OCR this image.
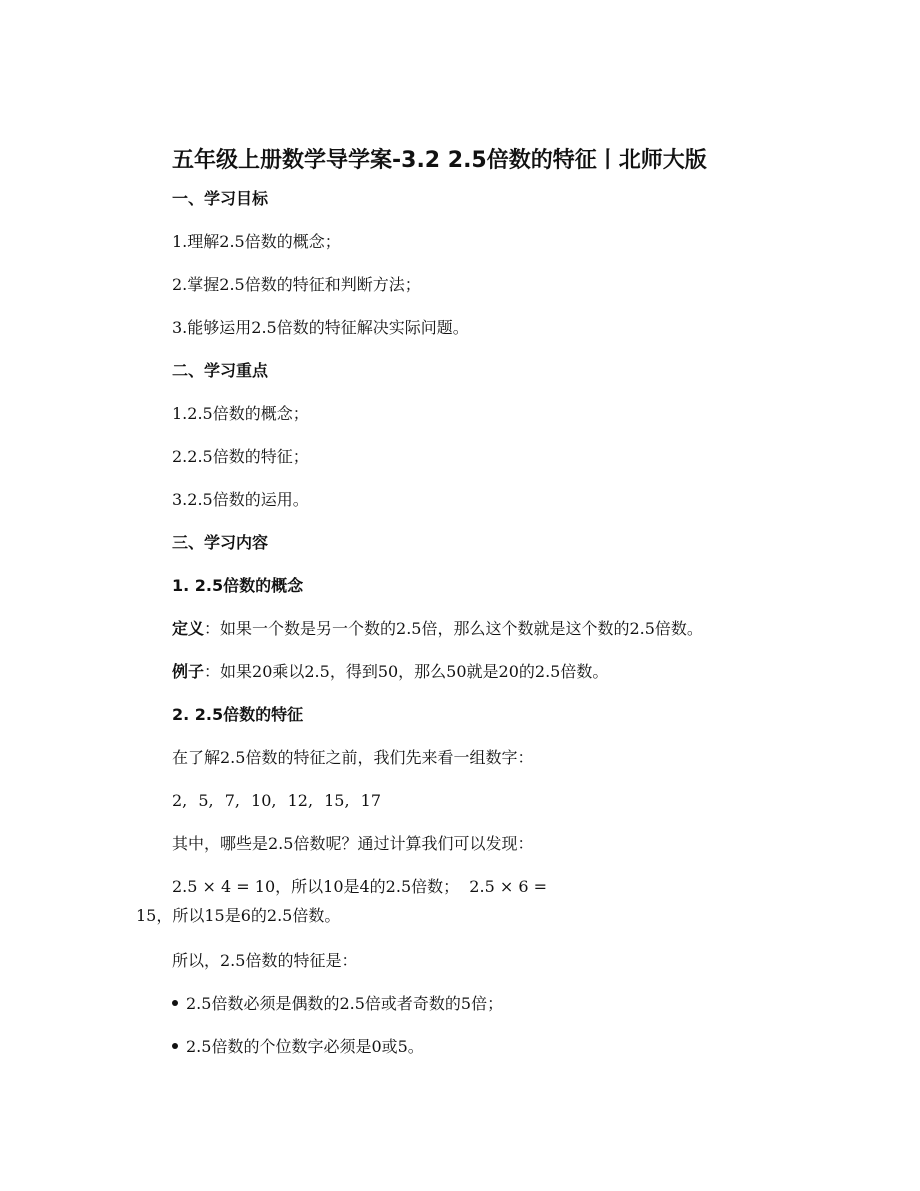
五年级上册数学导学案-3.2 2.5倍数的特征丨北师大版
一、学习目标
1.理解2.5倍数的概念；
2.掌握2.5倍数的特征和判断方法；
3.能够运用2.5倍数的特征解决实际问题。
二、学习重点
1.2.5倍数的概念；
2.2.5倍数的特征；
3.2.5倍数的运用。
三、学习内容
1. 2.5倍数的概念
定义：如果一个数是另一个数的2.5倍，那么这个数就是这个数的2.5倍数。
例子：如果20乘以2.5，得到50，那么50就是20的2.5倍数。
2. 2.5倍数的特征
在了解2.5倍数的特征之前，我们先来看一组数字：
2, 5, 7, 10, 12, 15, 17
其中，哪些是2.5倍数呢？通过计算我们可以发现：
2.5 × 4 = 10，所以10是4的2.5倍数；  2.5 × 6 =
15，所以15是6的2.5倍数。
所以，2.5倍数的特征是：
2.5倍数必须是偶数的2.5倍或者奇数的5倍；
2.5倍数的个位数字必须是0或5。
